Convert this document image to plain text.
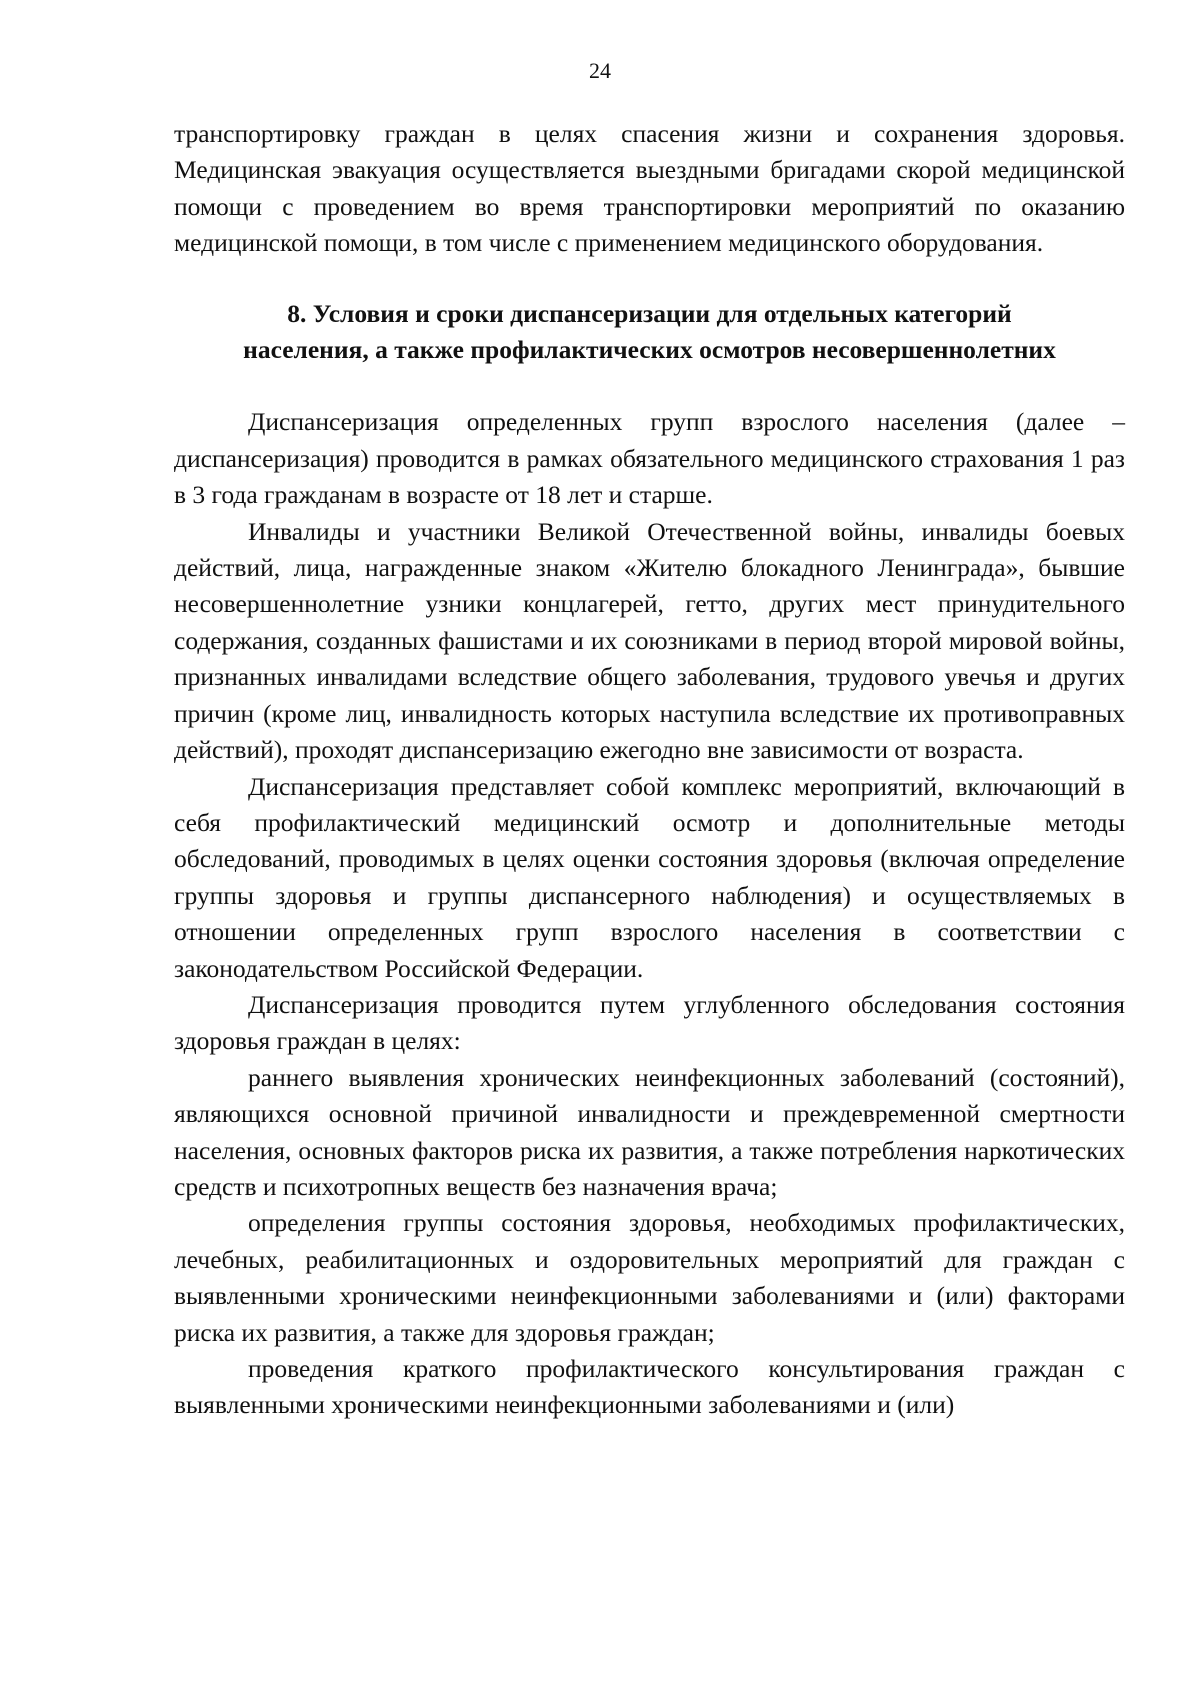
24

транспортировку граждан в целях спасения жизни и сохранения здоровья. Медицинская эвакуация осуществляется выездными бригадами скорой медицинской помощи с проведением во время транспортировки мероприятий по оказанию медицинской помощи, в том числе с применением медицинского оборудования.

8. Условия и сроки диспансеризации для отдельных категорий
населения, а также профилактических осмотров несовершеннолетних

Диспансеризация определенных групп взрослого населения (далее – диспансеризация) проводится в рамках обязательного медицинского страхования 1 раз в 3 года гражданам в возрасте от 18 лет и старше.

Инвалиды и участники Великой Отечественной войны, инвалиды боевых действий, лица, награжденные знаком «Жителю блокадного Ленинграда», бывшие несовершеннолетние узники концлагерей, гетто, других мест принудительного содержания, созданных фашистами и их союзниками в период второй мировой войны, признанных инвалидами вследствие общего заболевания, трудового увечья и других причин (кроме лиц, инвалидность которых наступила вследствие их противоправных действий), проходят диспансеризацию ежегодно вне зависимости от возраста.

Диспансеризация представляет собой комплекс мероприятий, включающий в себя профилактический медицинский осмотр и дополнительные методы обследований, проводимых в целях оценки состояния здоровья (включая определение группы здоровья и группы диспансерного наблюдения) и осуществляемых в отношении определенных групп взрослого населения в соответствии с законодательством Российской Федерации.

Диспансеризация проводится путем углубленного обследования состояния здоровья граждан в целях:

раннего выявления хронических неинфекционных заболеваний (состояний), являющихся основной причиной инвалидности и преждевременной смертности населения, основных факторов риска их развития, а также потребления наркотических средств и психотропных веществ без назначения врача;

определения группы состояния здоровья, необходимых профилактических, лечебных, реабилитационных и оздоровительных мероприятий для граждан с выявленными хроническими неинфекционными заболеваниями и (или) факторами риска их развития, а также для здоровья граждан;

проведения краткого профилактического консультирования граждан с выявленными хроническими неинфекционными заболеваниями и (или)
